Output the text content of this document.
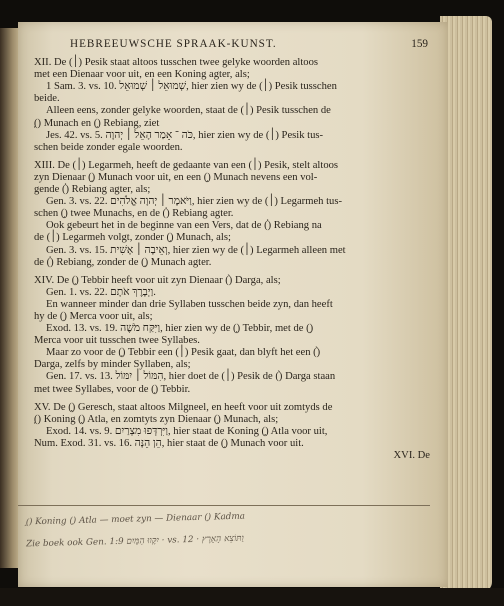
HEBREEUWSCHE SPRAAK-KUNST.	159

XII. De (׀) Pesik staat altoos tusschen twee gelyke woorden altoos

met een Dienaar voor uit, en een Koning agter, als;

1 Sam. 3. vs. 10. שְׁמוּאֵל ׀ שְׁמוּאֵל, hier zien wy de (׀) Pesik tusschen

beide.

Alleen eens, zonder gelyke woorden, staat de (׀) Pesik tusschen de

(֣) Munach en (֤) Rebiang, ziet

Jes. 42. vs. 5. כֹּה ־ אָמַר הָאֵל ׀ יְהוָה, hier zien wy de (׀) Pesik tus-

schen beide zonder egale woorden.

XIII. De (׀) Legarmeh, heeft de gedaante van een (׀) Pesik, stelt altoos

zyn Dienaar (֣) Munach voor uit, en een (֣) Munach nevens een vol-

gende (֗) Rebiang agter, als;

Gen. 3. vs. 22. וַיֹּאמֶר ׀ יְהוָה אֱלֹהִים, hier zien wy de (׀) Legarmeh tus-

schen (֣) twee Munachs, en de (֗) Rebiang agter.

Ook gebeurt het in de beginne van een Vers, dat de (֗) Rebiang na

de (׀) Legarmeh volgt, zonder (֣) Munach, als;

Gen. 3. vs. 15. וְאֵיבָה ׀ אָשִׁית, hier zien wy de (׀) Legarmeh alleen met

de (֗) Rebiang, zonder de (֣) Munach agter.

XIV. De (֤) Tebbir heeft voor uit zyn Dienaar (֨) Darga, als;

Gen. 1. vs. 22. וַיְבָרֶךְ אֹתָם.

En wanneer minder dan drie Syllaben tusschen beide zyn, dan heeft

hy de (֥) Merca voor uit, als;

Exod. 13. vs. 19. וַיִּקַּח מֹשֶׁה, hier zien wy de (֤) Tebbir, met de (֥)

Merca voor uit tusschen twee Syllabes.

Maar zo voor de (֤) Tebbir een (׀) Pesik gaat, dan blyft het een (֨)

Darga, zelfs by minder Syllaben, als;

Gen. 17. vs. 13. הִמּוֹל ׀ יִמּוֹל, hier doet de (׀) Pesik de (֨) Darga staan

met twee Syllabes, voor de (֤) Tebbir.

XV. De (֑) Geresch, staat altoos Milgneel, en heeft voor uit zomtyds de

(֑) Koning (֑) Atla, en zomtyts zyn Dienaar (֣) Munach, als;

Exod. 14. vs. 9. וַיִּרְדְּפוּ מִצְרַיִם, hier staat de Koning (֑) Atla voor uit,

Num. Exod. 31. vs. 16. הֵן הֵנָּה, hier staat de (֣) Munach voor uit.

XVI. De

(֑) Koning (֑) Atla — moet zyn — Dienaar (֣) Kadma
Zie boek ook Gen. 1:9 יִקָּווּ הַמַּיִם · vs. 12 · וַתּוֹצֵא הָאָרֶץ
